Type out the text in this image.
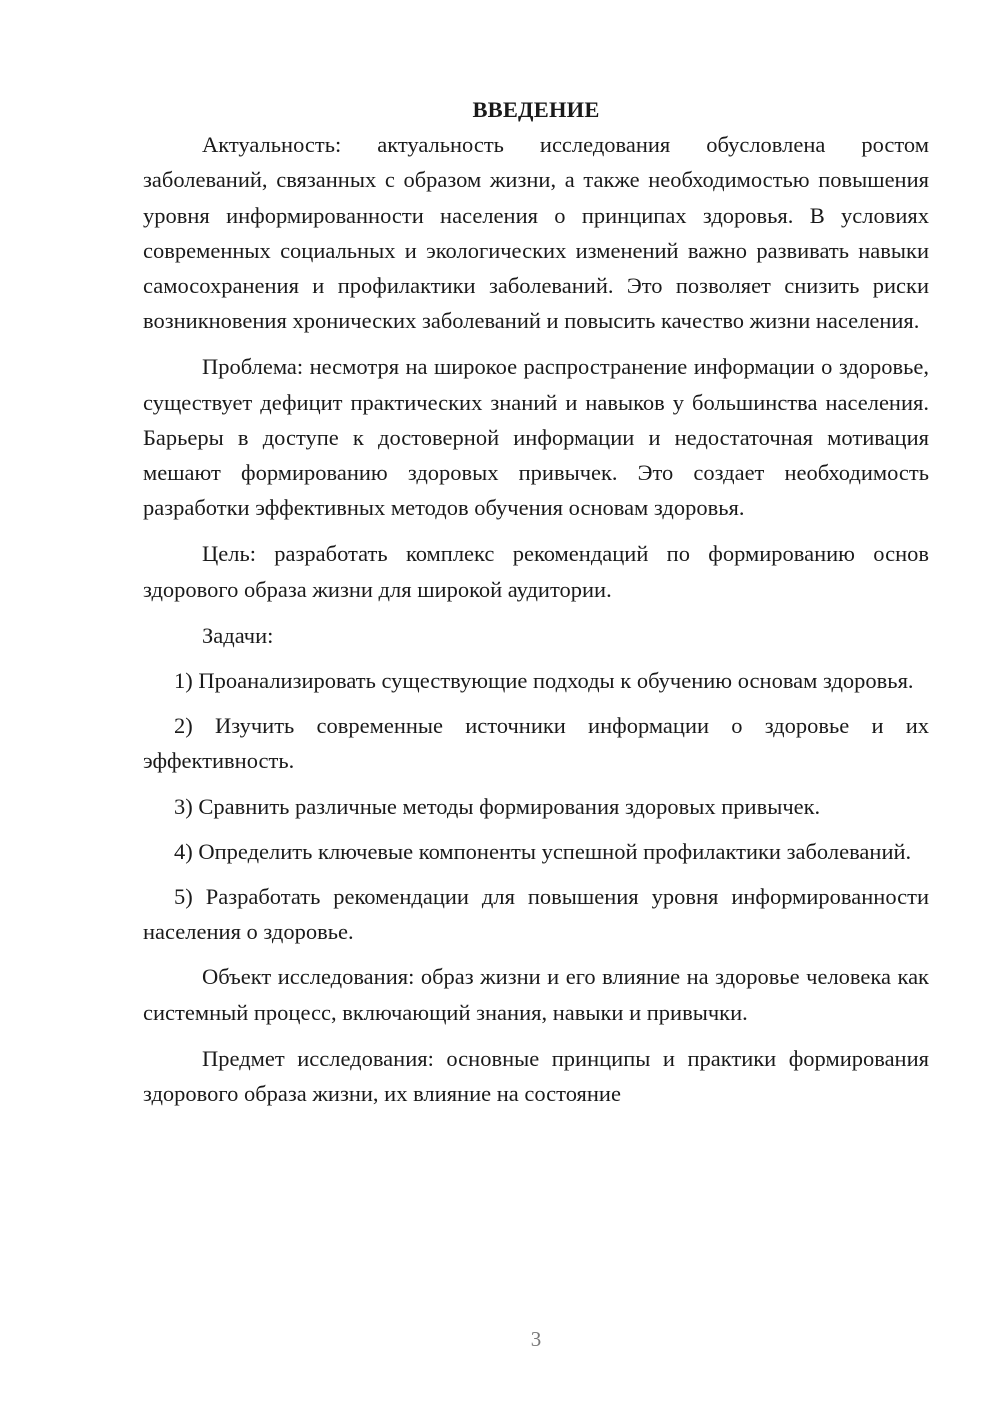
ВВЕДЕНИЕ

Актуальность: актуальность исследования обусловлена ростом заболеваний, связанных с образом жизни, а также необходимостью повышения уровня информированности населения о принципах здоровья. В условиях современных социальных и экологических изменений важно развивать навыки самосохранения и профилактики заболеваний. Это позволяет снизить риски возникновения хронических заболеваний и повысить качество жизни населения.

Проблема: несмотря на широкое распространение информации о здоровье, существует дефицит практических знаний и навыков у большинства населения. Барьеры в доступе к достоверной информации и недостаточная мотивация мешают формированию здоровых привычек. Это создает необходимость разработки эффективных методов обучения основам здоровья.

Цель: разработать комплекс рекомендаций по формированию основ здорового образа жизни для широкой аудитории.

Задачи:

1) Проанализировать существующие подходы к обучению основам здоровья.

2) Изучить современные источники информации о здоровье и их эффективность.

3) Сравнить различные методы формирования здоровых привычек.

4) Определить ключевые компоненты успешной профилактики заболеваний.

5) Разработать рекомендации для повышения уровня информированности населения о здоровье.

Объект исследования: образ жизни и его влияние на здоровье человека как системный процесс, включающий знания, навыки и привычки.

Предмет исследования: основные принципы и практики формирования здорового образа жизни, их влияние на состояние

3
